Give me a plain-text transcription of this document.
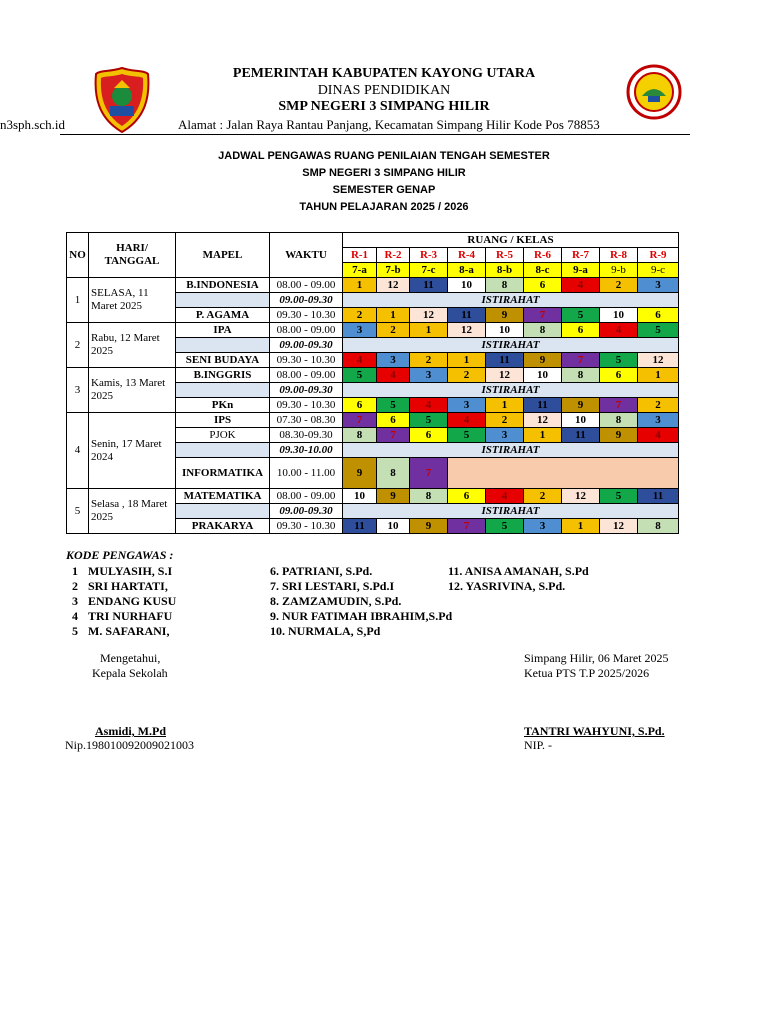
PEMERINTAH KABUPATEN KAYONG UTARA
DINAS PENDIDIKAN
SMP NEGERI 3 SIMPANG HILIR
n3sph.sch.id	Alamat : Jalan Raya Rantau Panjang, Kecamatan Simpang Hilir Kode Pos 78853
JADWAL PENGAWAS RUANG PENILAIAN TENGAH SEMESTER
SMP NEGERI 3 SIMPANG HILIR
SEMESTER GENAP
TAHUN PELAJARAN 2025 / 2026
NO	HARI/ TANGGAL	MAPEL	WAKTU	RUANG / KELAS								
				R-1	R-2	R-3	R-4	R-5	R-6	R-7	R-8	R-9
				7-a	7-b	7-c	8-a	8-b	8-c	9-a	9-b	9-c
1	SELASA, 11 Maret 2025	B.INDONESIA	08.00 - 09.00	1	12	11	10	8	6	4	2	3
			09.00-09.30	ISTIRAHAT								
		P. AGAMA	09.30 - 10.30	2	1	12	11	9	7	5	10	6
2	Rabu, 12 Maret 2025	IPA	08.00 - 09.00	3	2	1	12	10	8	6	4	5
			09.00-09.30	ISTIRAHAT								
		SENI BUDAYA	09.30 - 10.30	4	3	2	1	11	9	7	5	12
3	Kamis, 13 Maret 2025	B.INGGRIS	08.00 - 09.00	5	4	3	2	12	10	8	6	1
			09.00-09.30	ISTIRAHAT								
		PKn	09.30 - 10.30	6	5	4	3	1	11	9	7	2
4	Senin, 17 Maret 2024	IPS	07.30 - 08.30	7	6	5	4	2	12	10	8	3
		PJOK	08.30-09.30	8	7	6	5	3	1	11	9	4
			09.30-10.00	ISTIRAHAT								
		INFORMATIKA	10.00 - 11.00	9	8	7						
5	Selasa , 18 Maret 2025	MATEMATIKA	08.00 - 09.00	10	9	8	6	4	2	12	5	11
			09.00-09.30	ISTIRAHAT								
		PRAKARYA	09.30 - 10.30	11	10	9	7	5	3	1	12	8
KODE PENGAWAS :
1 MULYASIH, S.I
2 SRI HARTATI,
3 ENDANG KUSU
4 TRI NURHAFU
5 M. SAFARANI,
6. PATRIANI, S.Pd.
7. SRI LESTARI, S.Pd.I
8. ZAMZAMUDIN, S.Pd.
9. NUR FATIMAH IBRAHIM,S.Pd
10. NURMALA, S,Pd
11. ANISA AMANAH, S.Pd
12. YASRIVINA, S.Pd.
Mengetahui,
Kepala Sekolah
Asmidi, M.Pd
Nip.198010092009021003
Simpang Hilir, 06 Maret 2025
Ketua PTS T.P 2025/2026
TANTRI WAHYUNI, S.Pd.
NIP. -
